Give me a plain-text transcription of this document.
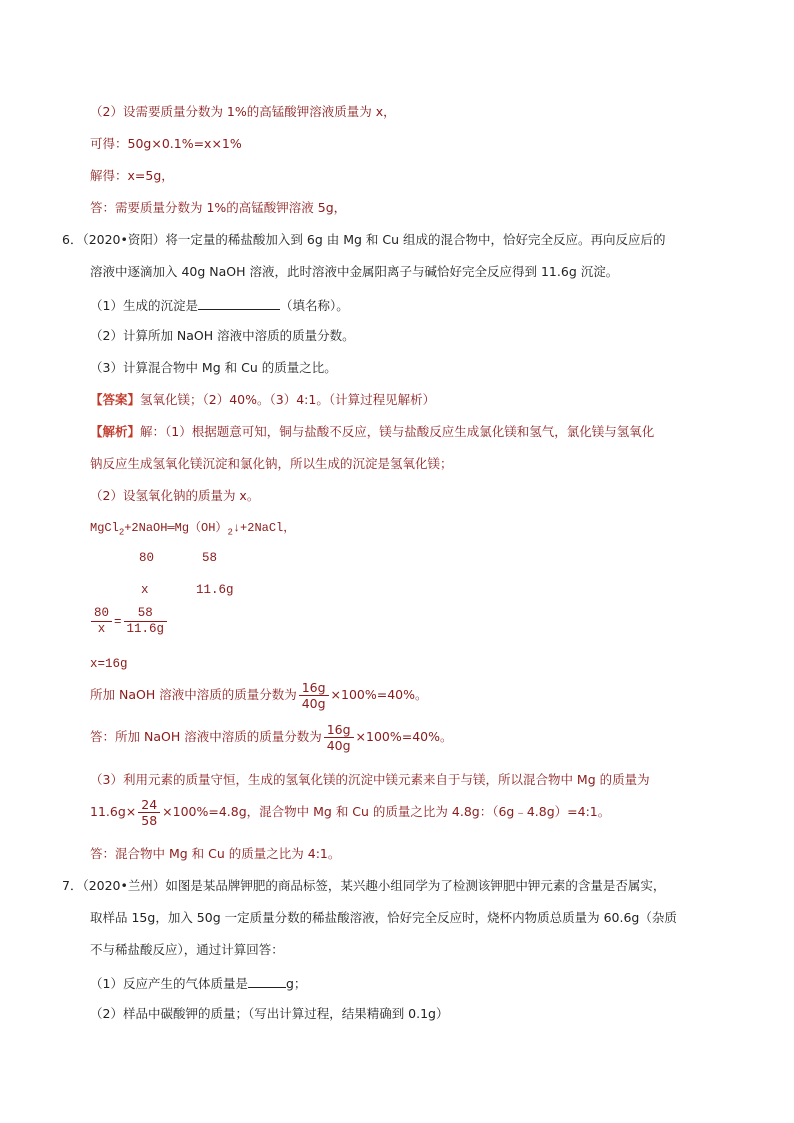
（2）设需要质量分数为 1%的高锰酸钾溶液质量为 x，
可得：50g×0.1%=x×1%
解得：x=5g，
答：需要质量分数为 1%的高锰酸钾溶液 5g，
6．（2020•资阳）将一定量的稀盐酸加入到 6g 由 Mg 和 Cu 组成的混合物中，恰好完全反应。再向反应后的
溶液中逐滴加入 40g NaOH 溶液，此时溶液中金属阳离子与碱恰好完全反应得到 11.6g 沉淀。
（1）生成的沉淀是	（填名称）。
（2）计算所加 NaOH 溶液中溶质的质量分数。
（3）计算混合物中 Mg 和 Cu 的质量之比。
【答案】氢氧化镁；（2）40%。（3）4:1。（计算过程见解析）
【解析】解：（1）根据题意可知，铜与盐酸不反应，镁与盐酸反应生成氯化镁和氢气，氯化镁与氢氧化
钠反应生成氢氧化镁沉淀和氯化钠，所以生成的沉淀是氢氧化镁；
（2）设氢氧化钠的质量为 x。
$MgCl_2+2NaOH═Mg(OH)_2↓+2NaCl$，
80	58
x	11.6g
$\frac{80}{x} = \frac{58}{11.6g}$
x=16g
所加 NaOH 溶液中溶质的质量分数为 $\frac{16g}{40g} \times 100\%=40\%$。
答：所加 NaOH 溶液中溶质的质量分数为 $\frac{16g}{40g} \times 100\%=40\%$。
（3）利用元素的质量守恒，生成的氢氧化镁的沉淀中镁元素来自于与镁，所以混合物中 Mg 的质量为
$11.6g\times \frac{24}{58} \times 100\%=4.8g$，混合物中 Mg 和 Cu 的质量之比为 4.8g：（6g﹣4.8g）=4:1。
答：混合物中 Mg 和 Cu 的质量之比为 4:1。
7．（2020•兰州）如图是某品牌钾肥的商品标签，某兴趣小组同学为了检测该钾肥中钾元素的含量是否属实，
取样品 15g，加入 50g 一定质量分数的稀盐酸溶液，恰好完全反应时，烧杯内物质总质量为 60.6g（杂质
不与稀盐酸反应），通过计算回答：
（1）反应产生的气体质量是	g；
（2）样品中碳酸钾的质量；（写出计算过程，结果精确到 0.1g）
